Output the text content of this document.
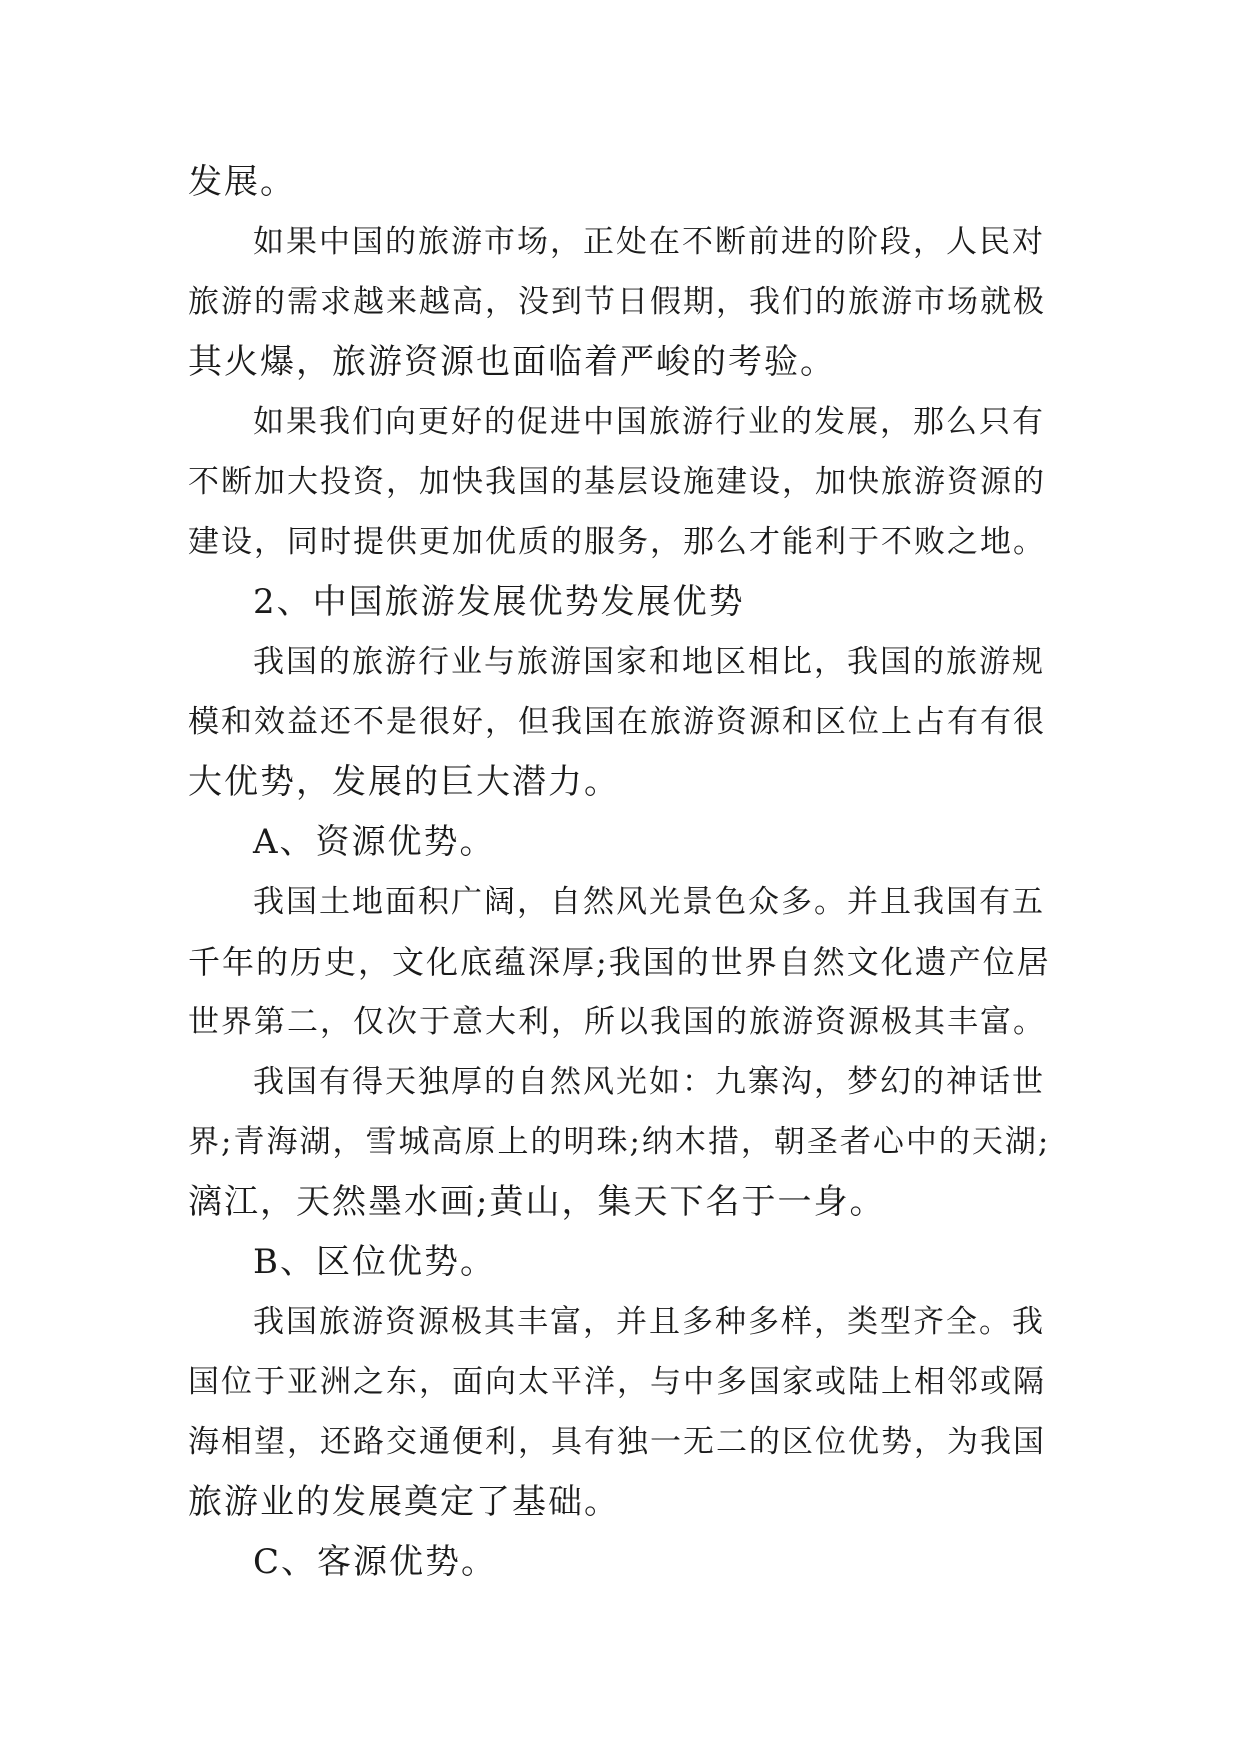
发展。
如果中国的旅游市场，正处在不断前进的阶段，人民对
旅游的需求越来越高，没到节日假期，我们的旅游市场就极
其火爆，旅游资源也面临着严峻的考验。
如果我们向更好的促进中国旅游行业的发展，那么只有
不断加大投资，加快我国的基层设施建设，加快旅游资源的
建设，同时提供更加优质的服务，那么才能利于不败之地。
2、中国旅游发展优势发展优势
我国的旅游行业与旅游国家和地区相比，我国的旅游规
模和效益还不是很好，但我国在旅游资源和区位上占有有很
大优势，发展的巨大潜力。
A、资源优势。
我国土地面积广阔，自然风光景色众多。并且我国有五
千年的历史，文化底蕴深厚;我国的世界自然文化遗产位居
世界第二，仅次于意大利，所以我国的旅游资源极其丰富。
我国有得天独厚的自然风光如：九寨沟，梦幻的神话世
界;青海湖，雪城高原上的明珠;纳木措，朝圣者心中的天湖;
漓江，天然墨水画;黄山，集天下名于一身。
B、区位优势。
我国旅游资源极其丰富，并且多种多样，类型齐全。我
国位于亚洲之东，面向太平洋，与中多国家或陆上相邻或隔
海相望，还路交通便利，具有独一无二的区位优势，为我国
旅游业的发展奠定了基础。
C、客源优势。
